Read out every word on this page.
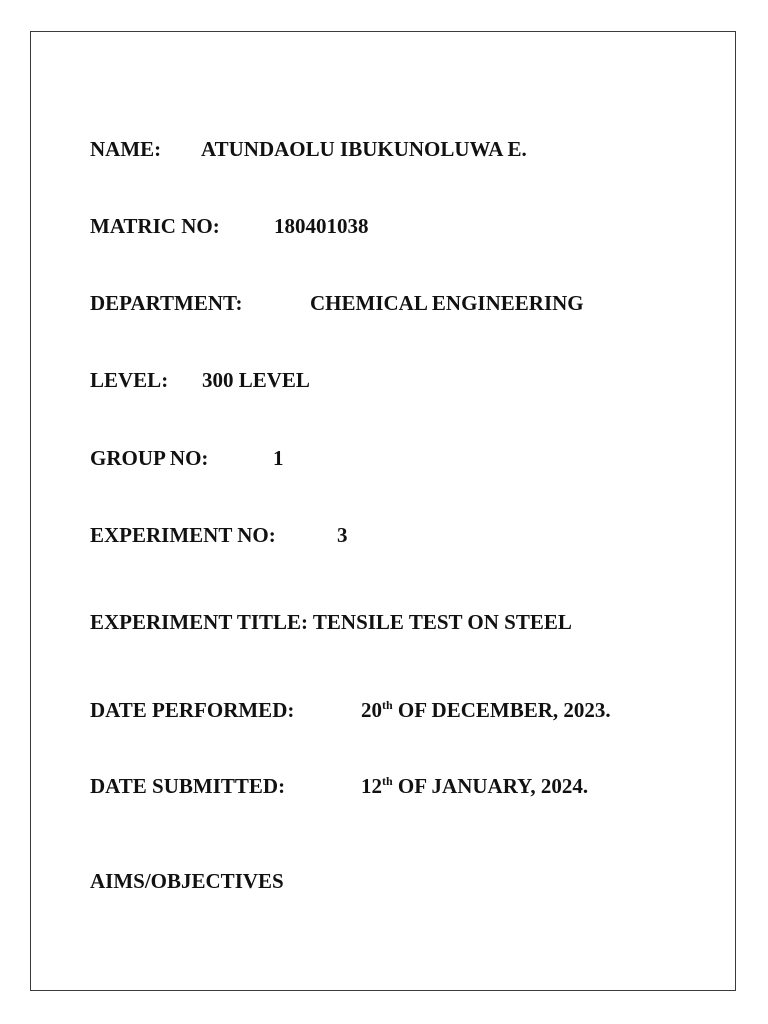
NAME: ATUNDAOLU IBUKUNOLUWA E.
MATRIC NO:	180401038
DEPARTMENT:	CHEMICAL ENGINEERING
LEVEL: 300 LEVEL
GROUP NO:	1
EXPERIMENT NO:	3
EXPERIMENT TITLE: TENSILE TEST ON STEEL
DATE PERFORMED:	20th OF DECEMBER, 2023.
DATE SUBMITTED:	12th OF JANUARY, 2024.
AIMS/OBJECTIVES
